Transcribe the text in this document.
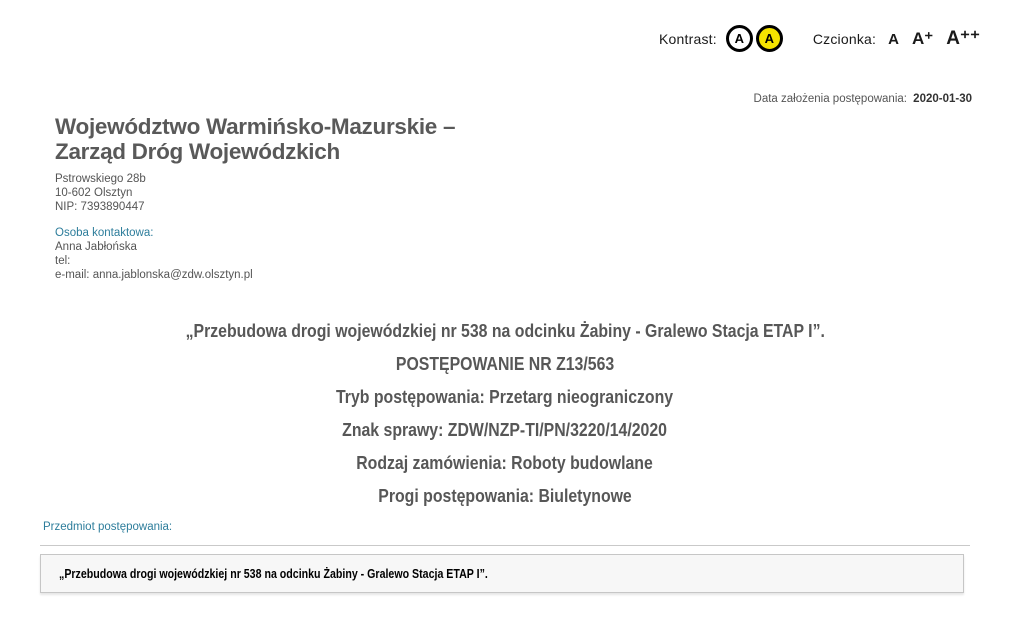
Kontrast: A A	Czcionka: A A⁺ A⁺⁺
Data założenia postępowania: 2020-01-30
Województwo Warmińsko-Mazurskie –
Zarząd Dróg Wojewódzkich
Pstrowskiego 28b
10-602 Olsztyn
NIP: 7393890447
Osoba kontaktowa:
Anna Jabłońska
tel:
e-mail: anna.jablonska@zdw.olsztyn.pl
„Przebudowa drogi wojewódzkiej nr 538 na odcinku Żabiny - Gralewo Stacja ETAP I”.
POSTĘPOWANIE NR Z13/563
Tryb postępowania: Przetarg nieograniczony
Znak sprawy: ZDW/NZP-TI/PN/3220/14/2020
Rodzaj zamówienia: Roboty budowlane
Progi postępowania: Biuletynowe
Przedmiot postępowania:
„Przebudowa drogi wojewódzkiej nr 538 na odcinku Żabiny - Gralewo Stacja ETAP I”.
